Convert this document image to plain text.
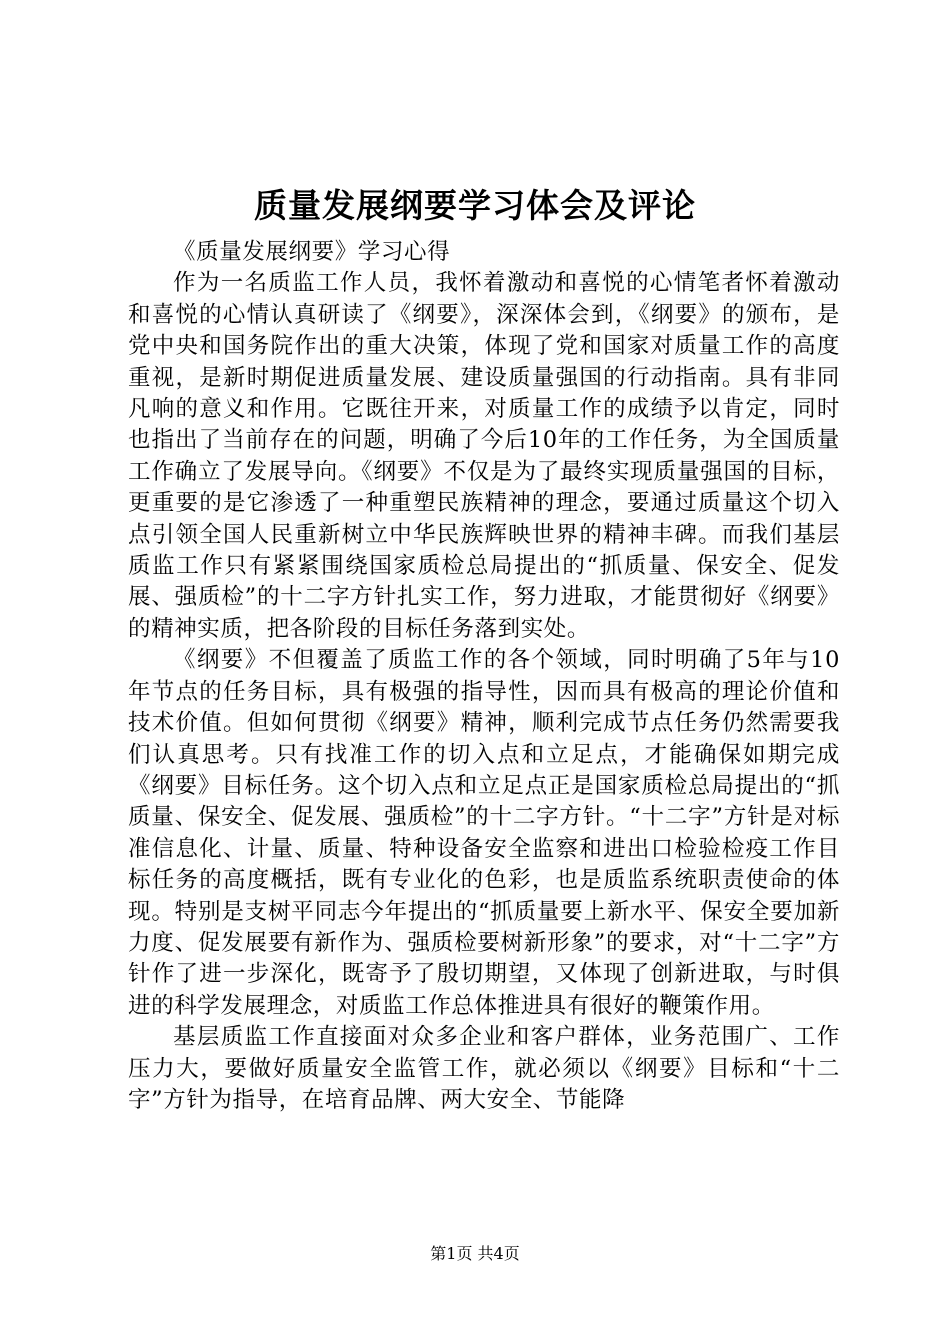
质量发展纲要学习体会及评论

《质量发展纲要》学习心得

作为一名质监工作人员，我怀着激动和喜悦的心情笔者怀着激动和喜悦的心情认真研读了《纲要》，深深体会到，《纲要》的颁布，是党中央和国务院作出的重大决策，体现了党和国家对质量工作的高度重视，是新时期促进质量发展、建设质量强国的行动指南。具有非同凡响的意义和作用。它既往开来，对质量工作的成绩予以肯定，同时也指出了当前存在的问题，明确了今后10年的工作任务，为全国质量工作确立了发展导向。《纲要》不仅是为了最终实现质量强国的目标，更重要的是它渗透了一种重塑民族精神的理念，要通过质量这个切入点引领全国人民重新树立中华民族辉映世界的精神丰碑。而我们基层质监工作只有紧紧围绕国家质检总局提出的“抓质量、保安全、促发展、强质检”的十二字方针扎实工作，努力进取，才能贯彻好《纲要》的精神实质，把各阶段的目标任务落到实处。

《纲要》不但覆盖了质监工作的各个领域，同时明确了5年与10年节点的任务目标，具有极强的指导性，因而具有极高的理论价值和技术价值。但如何贯彻《纲要》精神，顺利完成节点任务仍然需要我们认真思考。只有找准工作的切入点和立足点，才能确保如期完成《纲要》目标任务。这个切入点和立足点正是国家质检总局提出的“抓质量、保安全、促发展、强质检”的十二字方针。“十二字”方针是对标准信息化、计量、质量、特种设备安全监察和进出口检验检疫工作目标任务的高度概括，既有专业化的色彩，也是质监系统职责使命的体现。特别是支树平同志今年提出的“抓质量要上新水平、保安全要加新力度、促发展要有新作为、强质检要树新形象”的要求，对“十二字”方针作了进一步深化，既寄予了殷切期望，又体现了创新进取，与时俱进的科学发展理念，对质监工作总体推进具有很好的鞭策作用。

基层质监工作直接面对众多企业和客户群体，业务范围广、工作压力大，要做好质量安全监管工作，就必须以《纲要》目标和“十二字”方针为指导，在培育品牌、两大安全、节能降

第1页 共4页
